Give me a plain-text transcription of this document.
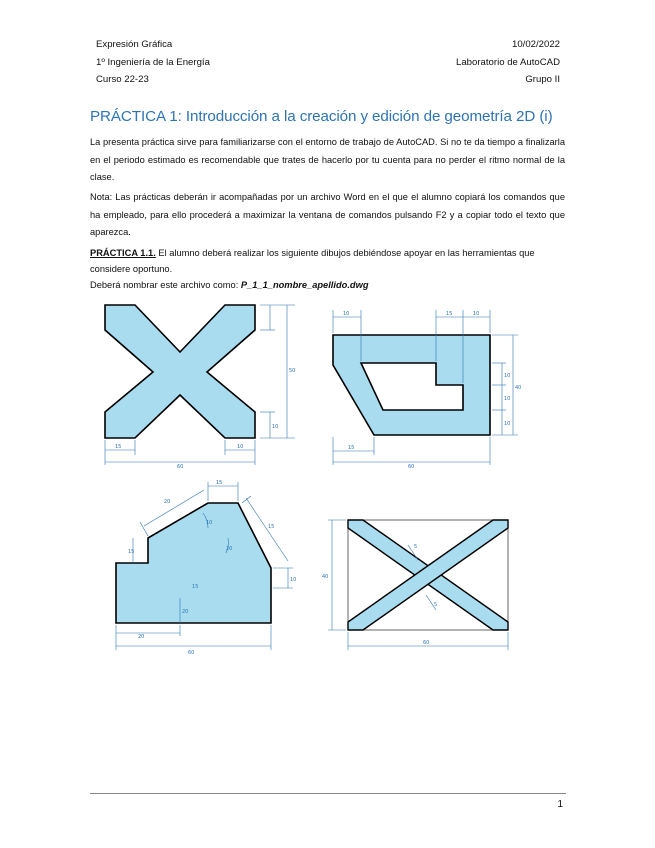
Expresión Gráfica	10/02/2022
1º Ingeniería de la Energía	Laboratorio de AutoCAD
Curso 22-23	Grupo II
PRÁCTICA 1: Introducción a la creación y edición de geometría 2D (i)
La presenta práctica sirve para familiarizarse con el entorno de trabajo de AutoCAD. Si no te da tiempo a finalizarla en el periodo estimado es recomendable que trates de hacerlo por tu cuenta para no perder el ritmo normal de la clase.
Nota: Las prácticas deberán ir acompañadas por un archivo Word en el que el alumno copiará los comandos que ha empleado, para ello procederá a maximizar la ventana de comandos pulsando F2 y a copiar todo el texto que aparezca.
PRÁCTICA 1.1. El alumno deberá realizar los siguiente dibujos debiéndose apoyar en las herramientas que considere oportuno.
Deberá nombrar este archivo como: P_1_1_nombre_apellido.dwg
50
10
15
60
10
10	15	10
10
10
40
10
15
60
15
20
10
15
20
15
10
20
15
20
60
40
5
5
60
1
